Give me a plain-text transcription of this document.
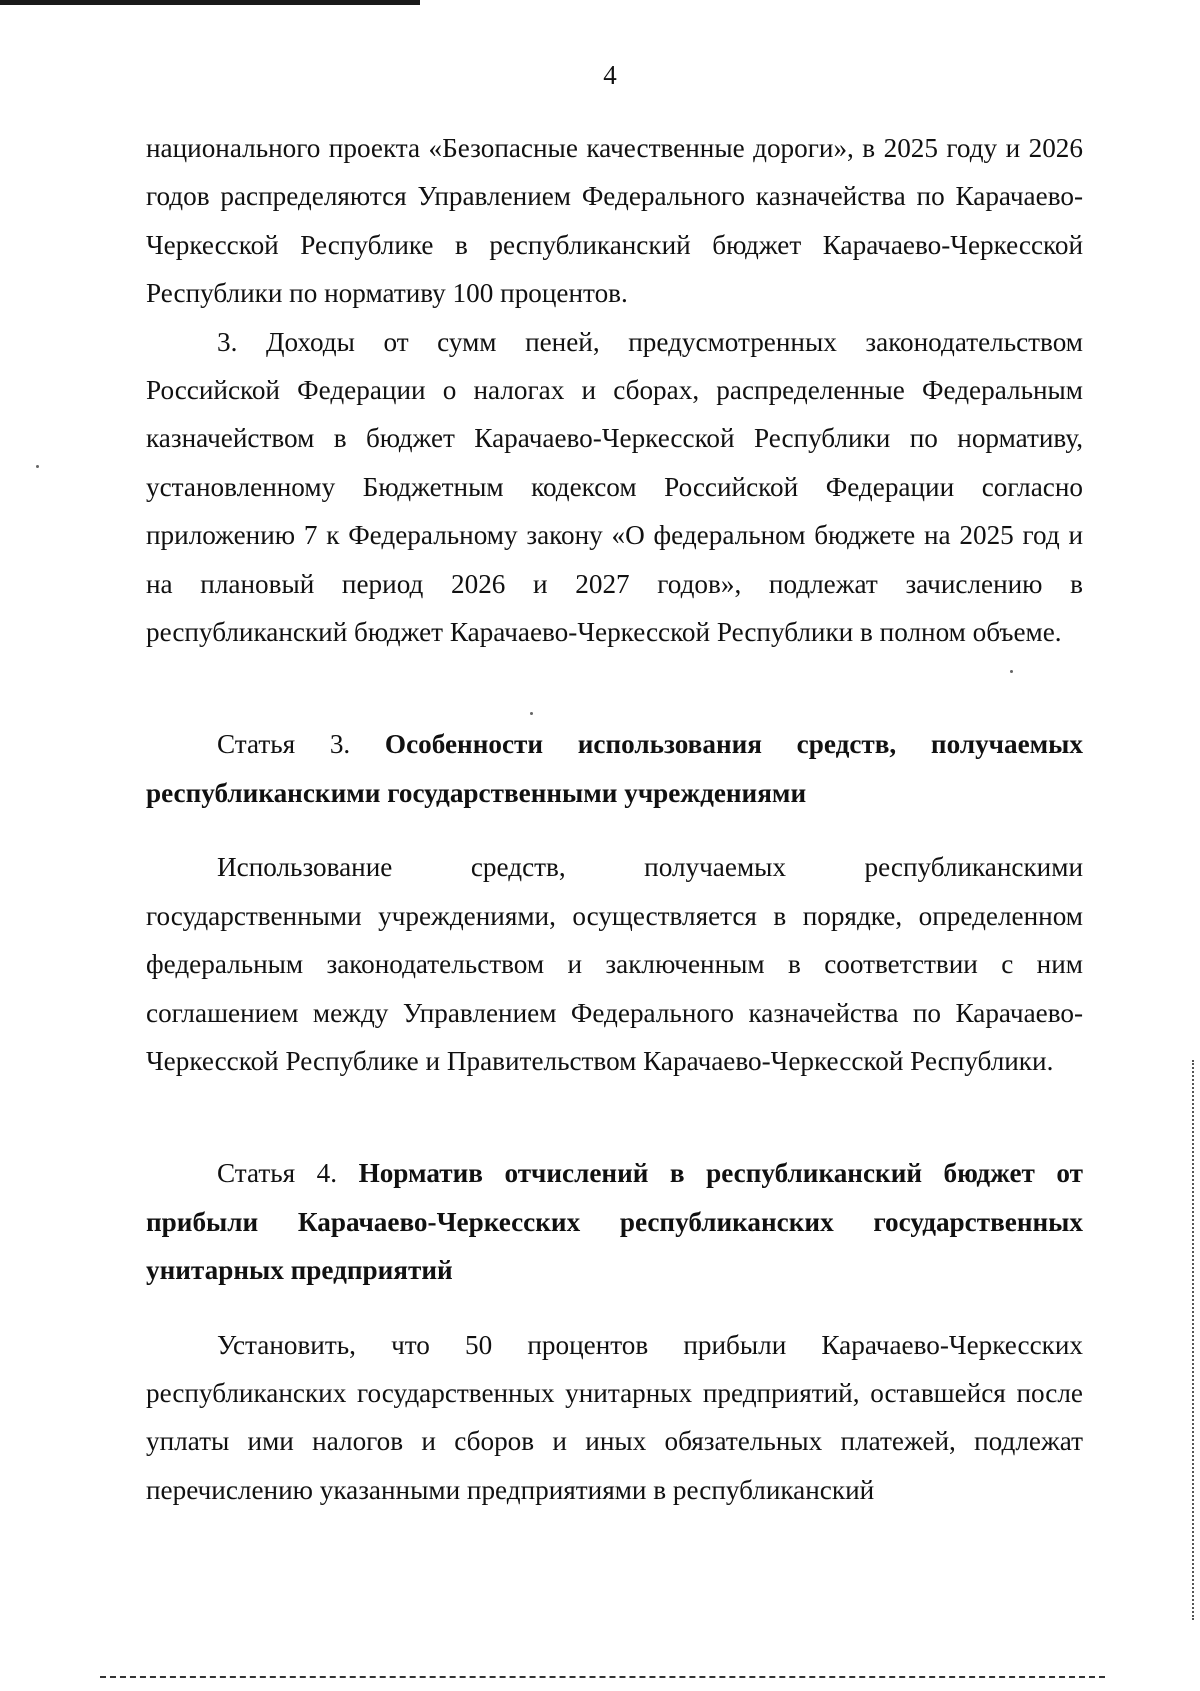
4

национального проекта «Безопасные качественные дороги», в 2025 году и 2026 годов распределяются Управлением Федерального казначейства по Карачаево-Черкесской Республике в республиканский бюджет Карачаево-Черкесской Республики по нормативу 100 процентов.

3. Доходы от сумм пеней, предусмотренных законодательством Российской Федерации о налогах и сборах, распределенные Федеральным казначейством в бюджет Карачаево-Черкесской Республики по нормативу, установленному Бюджетным кодексом Российской Федерации согласно приложению 7 к Федеральному закону «О федеральном бюджете на 2025 год и на плановый период 2026 и 2027 годов», подлежат зачислению в республиканский бюджет Карачаево-Черкесской Республики в полном объеме.

Статья 3. Особенности использования средств, получаемых республиканскими государственными учреждениями

Использование средств, получаемых республиканскими государственными учреждениями, осуществляется в порядке, определенном федеральным законодательством и заключенным в соответствии с ним соглашением между Управлением Федерального казначейства по Карачаево-Черкесской Республике и Правительством Карачаево-Черкесской Республики.

Статья 4. Норматив отчислений в республиканский бюджет от прибыли Карачаево-Черкесских республиканских государственных унитарных предприятий

Установить, что 50 процентов прибыли Карачаево-Черкесских республиканских государственных унитарных предприятий, оставшейся после уплаты ими налогов и сборов и иных обязательных платежей, подлежат перечислению указанными предприятиями в республиканский
